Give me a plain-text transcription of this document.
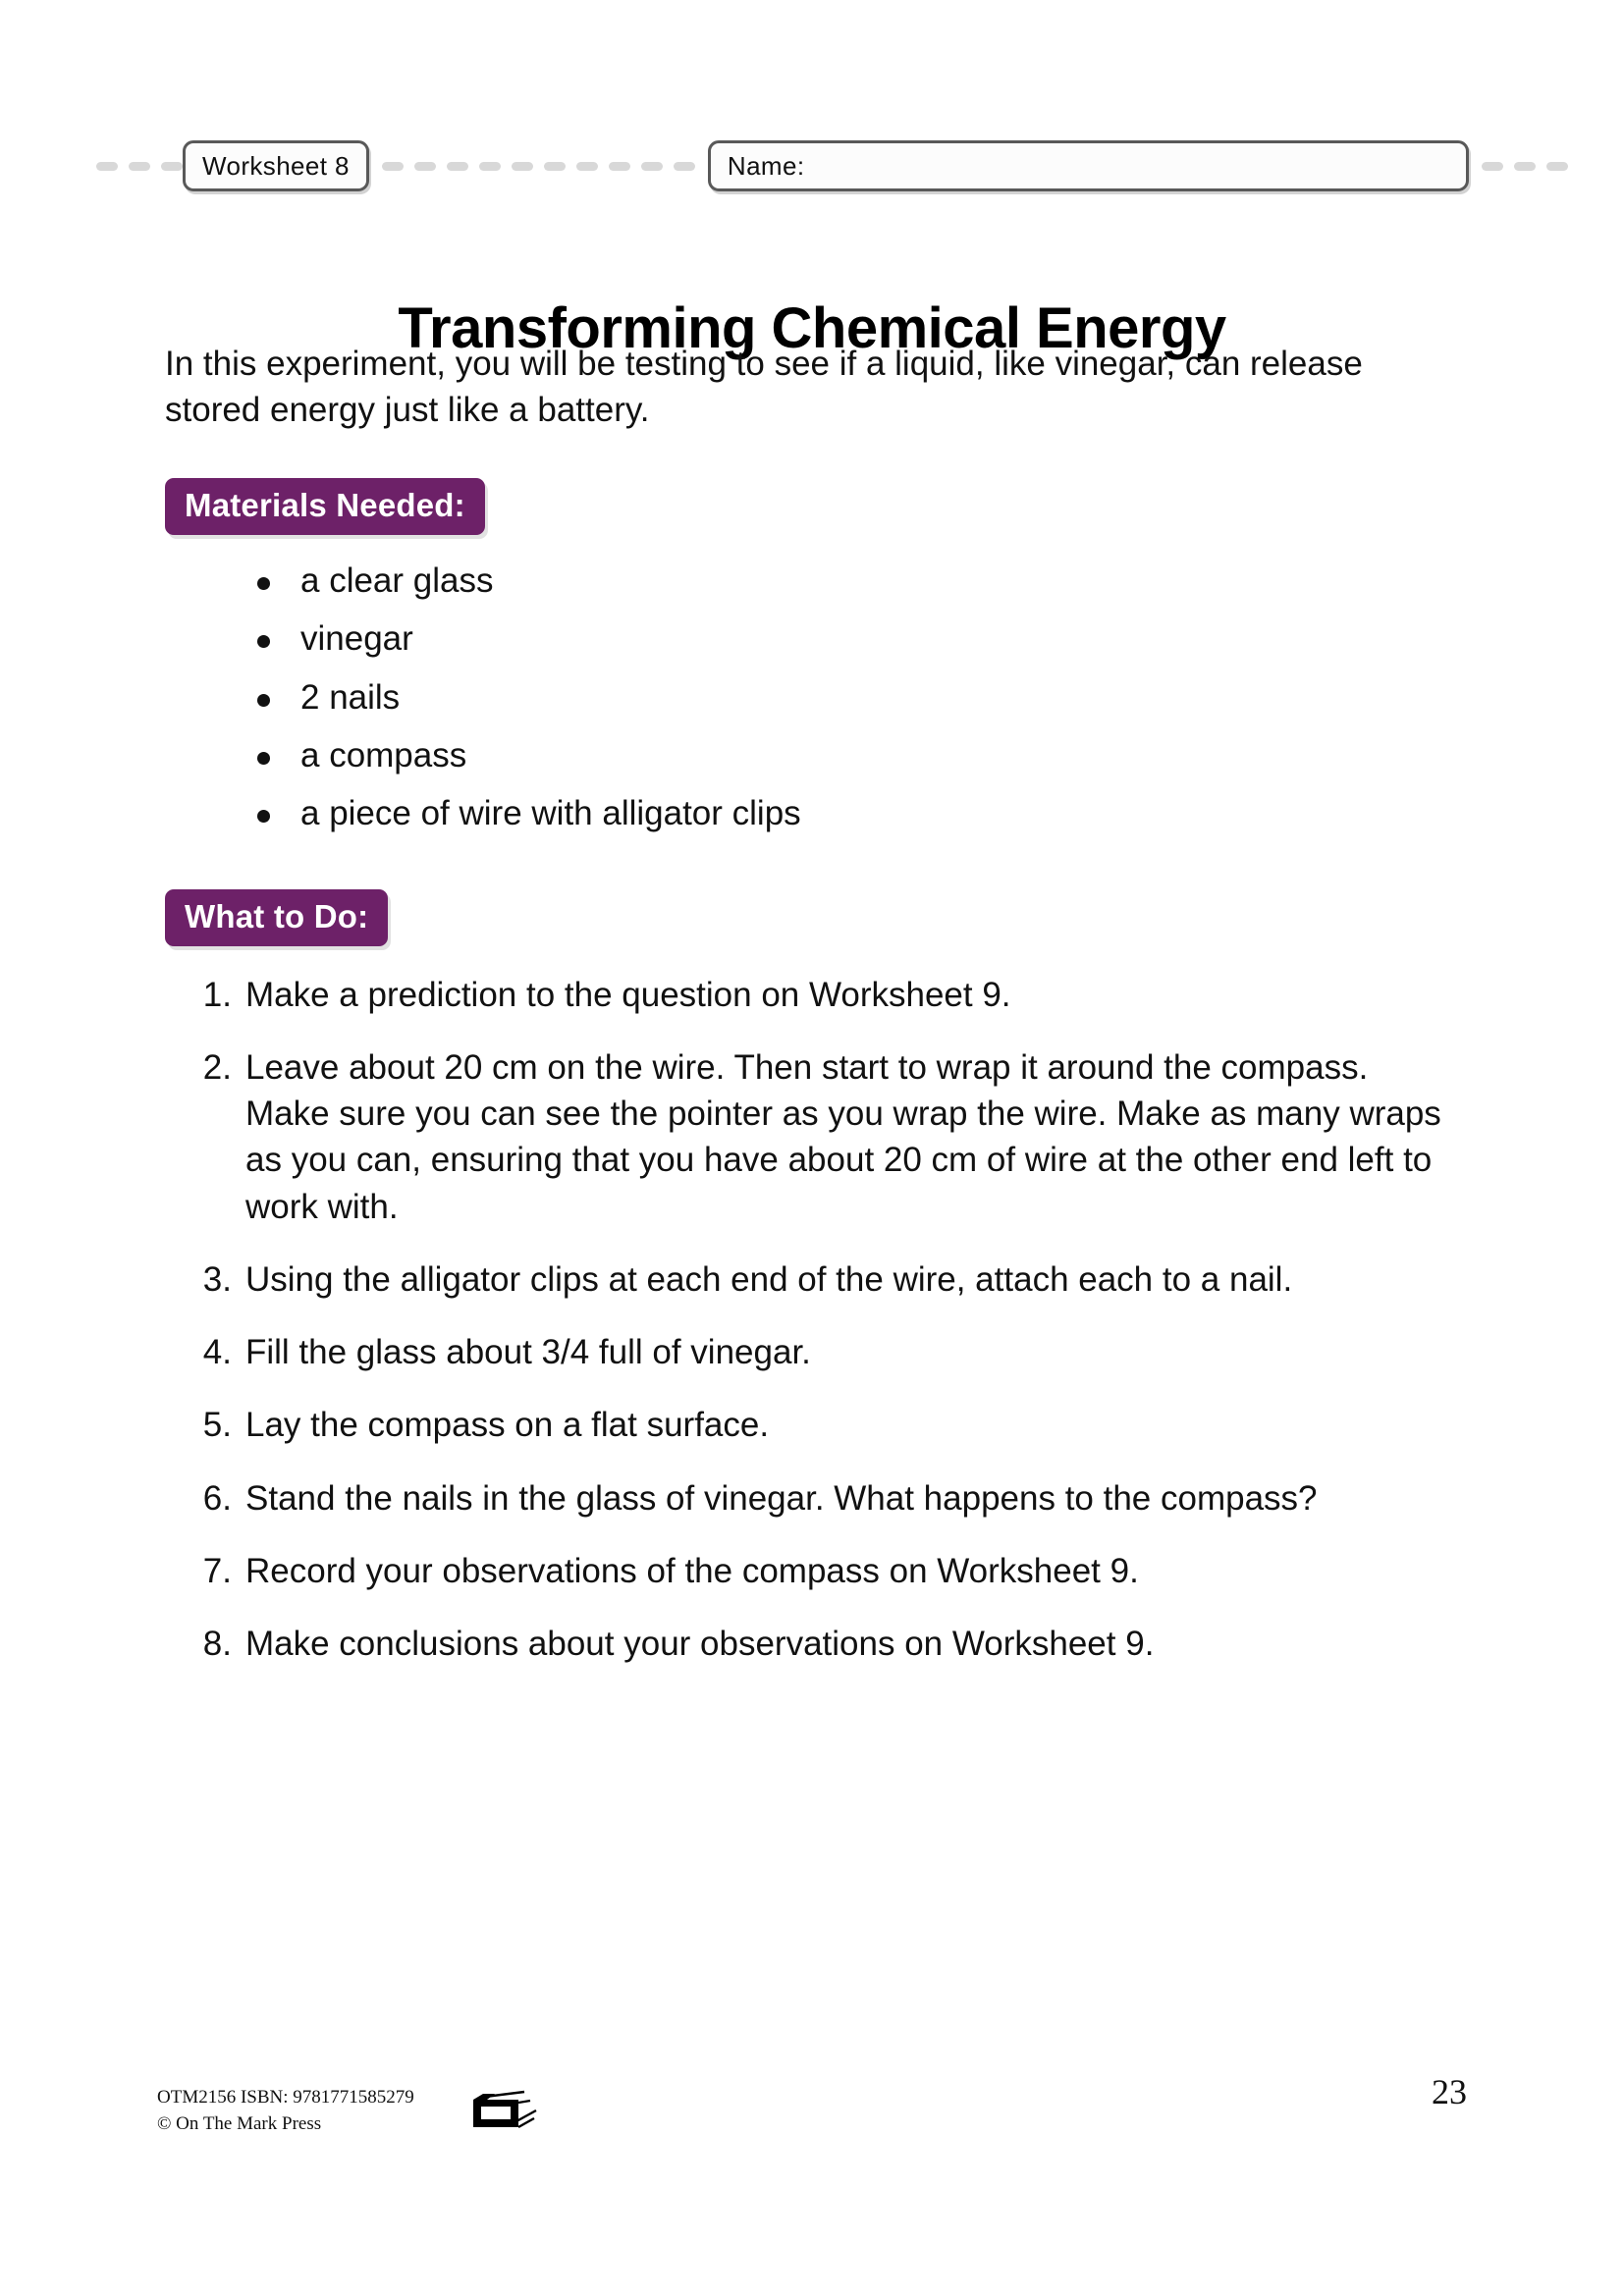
Worksheet 8	Name:
Transforming Chemical Energy

In this experiment, you will be testing to see if a liquid, like vinegar, can release stored energy just like a battery.

Materials Needed:
a clear glass
vinegar
2 nails
a compass
a piece of wire with alligator clips
What to Do:
Make a prediction to the question on Worksheet 9.
Leave about 20 cm on the wire. Then start to wrap it around the compass. Make sure you can see the pointer as you wrap the wire. Make as many wraps as you can, ensuring that you have about 20 cm of wire at the other end left to work with.
Using the alligator clips at each end of the wire, attach each to a nail.
Fill the glass about 3/4 full of vinegar.
Lay the compass on a flat surface.
Stand the nails in the glass of vinegar. What happens to the compass?
Record your observations of the compass on Worksheet 9.
Make conclusions about your observations on Worksheet 9.
OTM2156 ISBN: 9781771585279
© On The Mark Press
23
